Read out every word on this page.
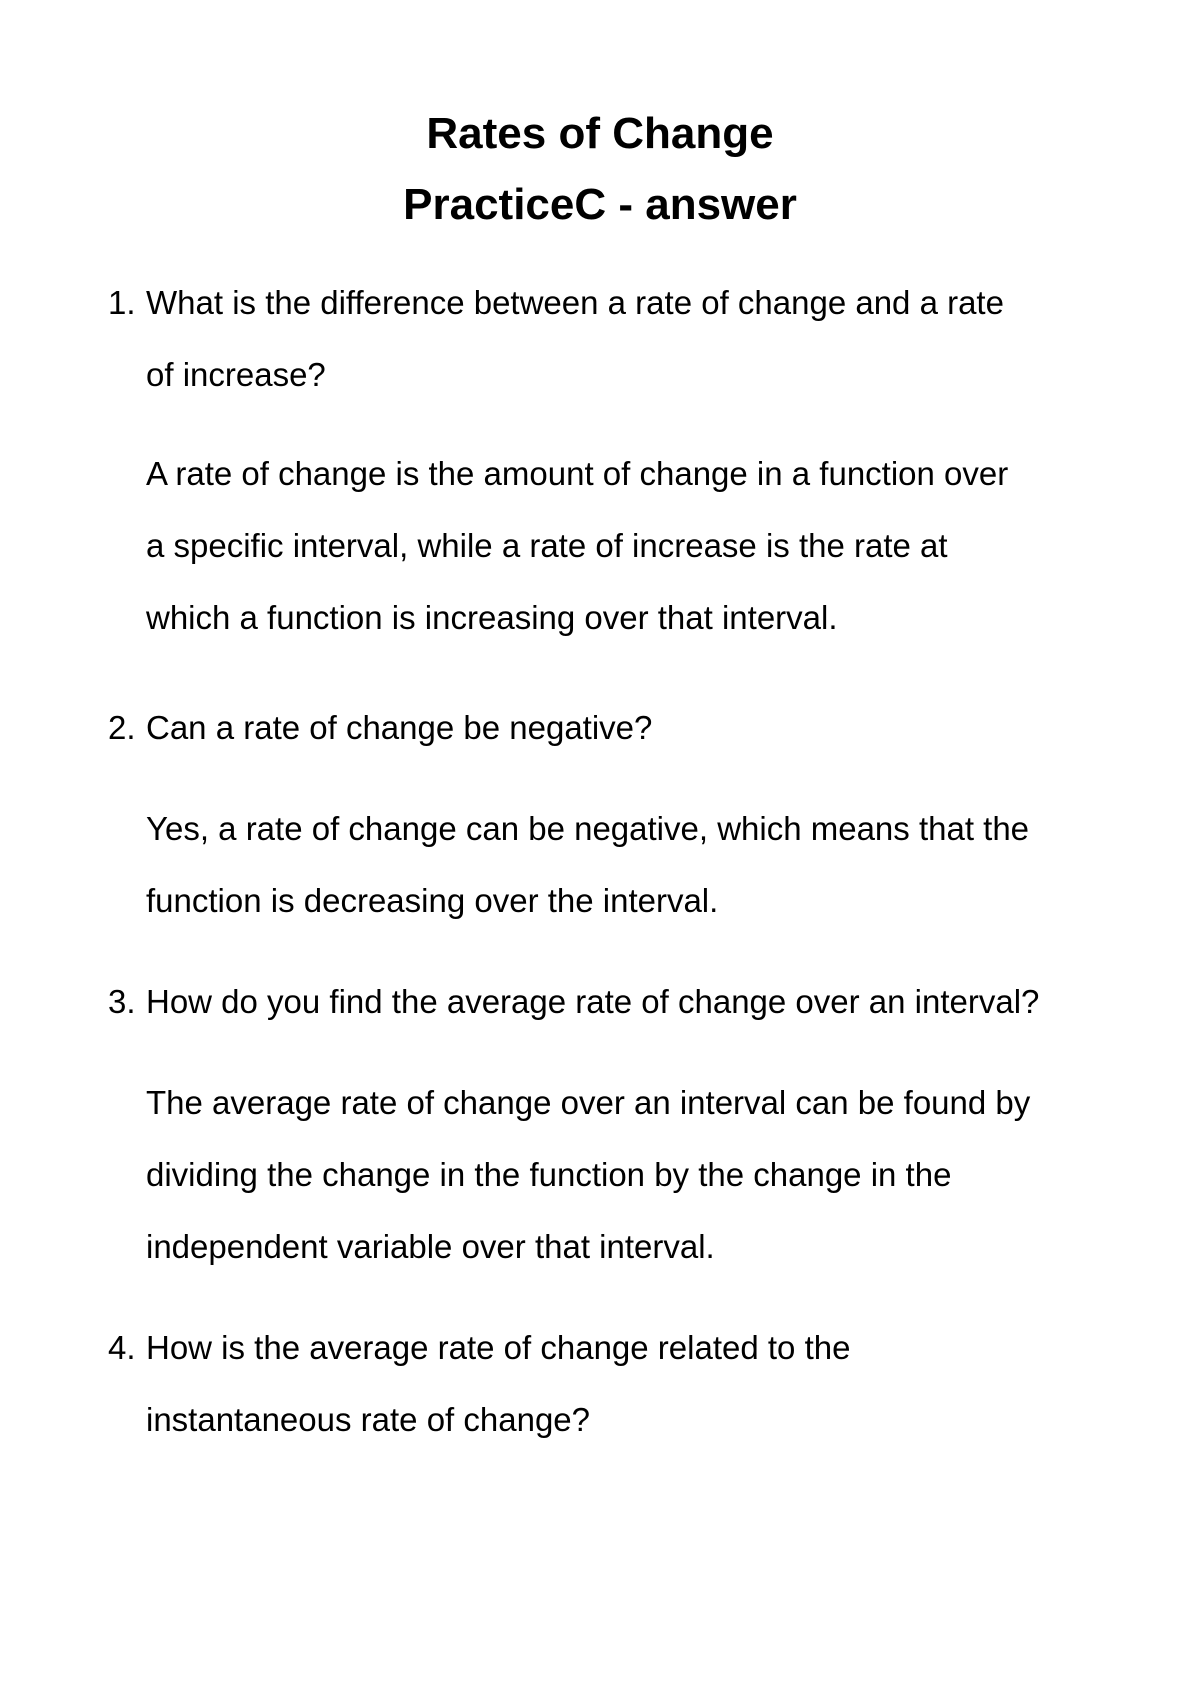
Rates of Change
PracticeC - answer
1. What is the difference between a rate of change and a rate
of increase?
A rate of change is the amount of change in a function over
a specific interval, while a rate of increase is the rate at
which a function is increasing over that interval.
2. Can a rate of change be negative?
Yes, a rate of change can be negative, which means that the
function is decreasing over the interval.
3. How do you find the average rate of change over an interval?
The average rate of change over an interval can be found by
dividing the change in the function by the change in the
independent variable over that interval.
4. How is the average rate of change related to the
instantaneous rate of change?
